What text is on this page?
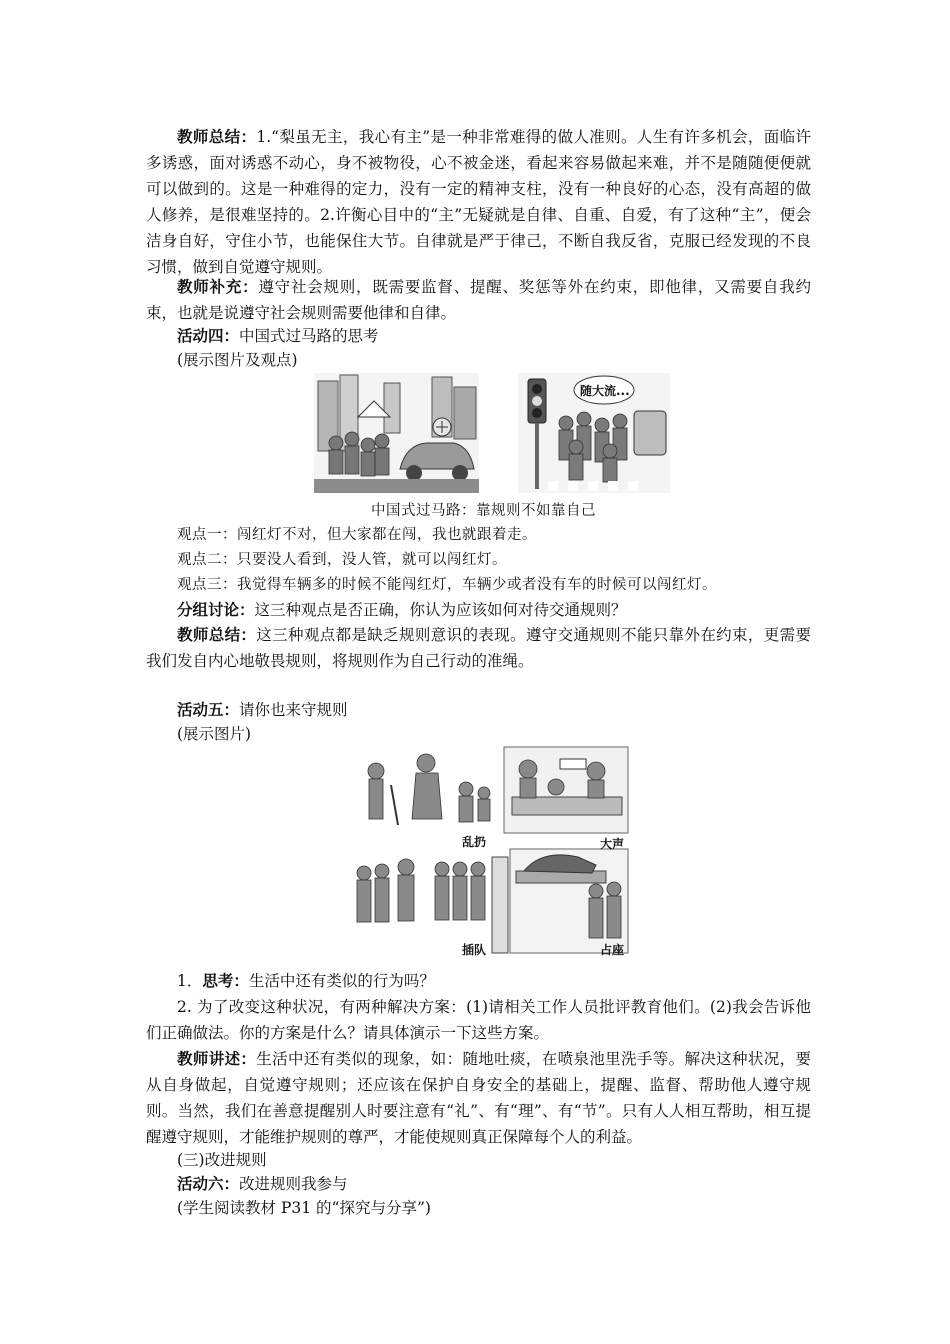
教师总结：1.“梨虽无主，我心有主”是一种非常难得的做人准则。人生有许多机会，面临许多诱惑，面对诱惑不动心，身不被物役，心不被金迷，看起来容易做起来难，并不是随随便便就可以做到的。这是一种难得的定力，没有一定的精神支柱，没有一种良好的心态，没有高超的做人修养，是很难坚持的。2.许衡心目中的“主”无疑就是自律、自重、自爱，有了这种“主”，便会洁身自好，守住小节，也能保住大节。自律就是严于律己，不断自我反省，克服已经发现的不良习惯，做到自觉遵守规则。
教师补充：遵守社会规则，既需要监督、提醒、奖惩等外在约束，即他律，又需要自我约束，也就是说遵守社会规则需要他律和自律。
活动四：中国式过马路的思考
(展示图片及观点)
随大流...
中国式过马路：靠规则不如靠自己
观点一：闯红灯不对，但大家都在闯，我也就跟着走。
观点二：只要没人看到，没人管，就可以闯红灯。
观点三：我觉得车辆多的时候不能闯红灯，车辆少或者没有车的时候可以闯红灯。
分组讨论：这三种观点是否正确，你认为应该如何对待交通规则？
教师总结：这三种观点都是缺乏规则意识的表现。遵守交通规则不能只靠外在约束，更需要我们发自内心地敬畏规则，将规则作为自己行动的准绳。
活动五：请你也来守规则
(展示图片)
乱扔	大声
插队	占座
1．思考：生活中还有类似的行为吗？
2. 为了改变这种状况，有两种解决方案：(1)请相关工作人员批评教育他们。(2)我会告诉他们正确做法。你的方案是什么？请具体演示一下这些方案。
教师讲述：生活中还有类似的现象，如：随地吐痰，在喷泉池里洗手等。解决这种状况，要从自身做起，自觉遵守规则；还应该在保护自身安全的基础上，提醒、监督、帮助他人遵守规则。当然，我们在善意提醒别人时要注意有“礼”、有“理”、有“节”。只有人人相互帮助，相互提醒遵守规则，才能维护规则的尊严，才能使规则真正保障每个人的利益。
(三)改进规则
活动六：改进规则我参与
(学生阅读教材 P31 的“探究与分享”)
